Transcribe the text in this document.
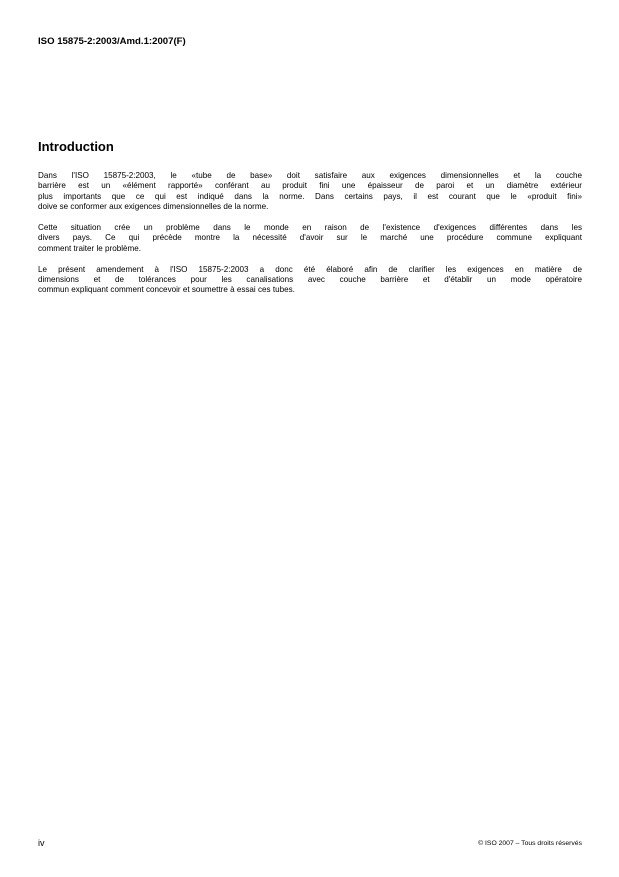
ISO 15875-2:2003/Amd.1:2007(F)
Introduction

Dans l'ISO 15875-2:2003, le «tube de base» doit satisfaire aux exigences dimensionnelles et la couche
barrière est un «élément rapporté» conférant au produit fini une épaisseur de paroi et un diamètre extérieur
plus importants que ce qui est indiqué dans la norme. Dans certains pays, il est courant que le «produit fini»
doive se conformer aux exigences dimensionnelles de la norme.

Cette situation crée un problème dans le monde en raison de l'existence d'exigences différentes dans les
divers pays. Ce qui précède montre la nécessité d'avoir sur le marché une procédure commune expliquant
comment traiter le problème.

Le présent amendement à l'ISO 15875-2:2003 a donc été élaboré afin de clarifier les exigences en matière de
dimensions et de tolérances pour les canalisations avec couche barrière et d'établir un mode opératoire
commun expliquant comment concevoir et soumettre à essai ces tubes.

iv	© ISO 2007 – Tous droits réservés
